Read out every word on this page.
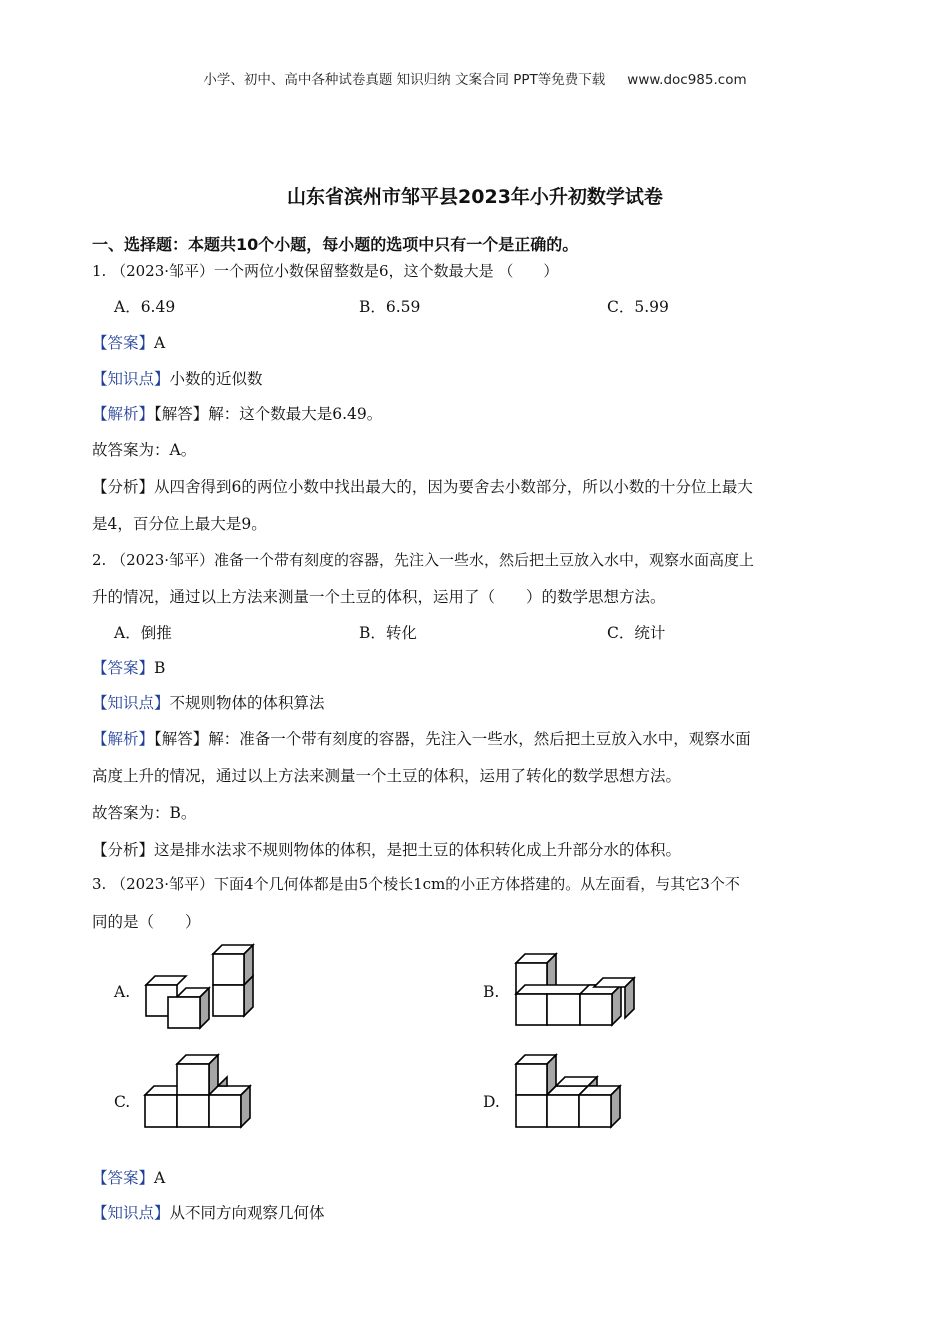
小学、初中、高中各种试卷真题 知识归纳 文案合同 PPT等免费下载 www.doc985.com
山东省滨州市邹平县2023年小升初数学试卷
一、选择题：本题共10个小题，每小题的选项中只有一个是正确的。
1. （2023·邹平）一个两位小数保留整数是6，这个数最大是 （　　）
A．6.49	B．6.59	C．5.99
【答案】A
【知识点】小数的近似数
【解析】【解答】解：这个数最大是6.49。
故答案为：A。
【分析】从四舍得到6的两位小数中找出最大的，因为要舍去小数部分，所以小数的十分位上最大
是4，百分位上最大是9。
2. （2023·邹平）准备一个带有刻度的容器，先注入一些水，然后把土豆放入水中，观察水面高度上
升的情况，通过以上方法来测量一个土豆的体积，运用了（　　）的数学思想方法。
A．倒推	B．转化	C．统计
【答案】B
【知识点】不规则物体的体积算法
【解析】【解答】解：准备一个带有刻度的容器，先注入一些水，然后把土豆放入水中，观察水面
高度上升的情况，通过以上方法来测量一个土豆的体积，运用了转化的数学思想方法。
故答案为：B。
【分析】这是排水法求不规则物体的体积，是把土豆的体积转化成上升部分水的体积。
3. （2023·邹平）下面4个几何体都是由5个棱长1cm的小正方体搭建的。从左面看，与其它3个不
同的是（　　）
A.	B.
C.	D.
【答案】A
【知识点】从不同方向观察几何体
